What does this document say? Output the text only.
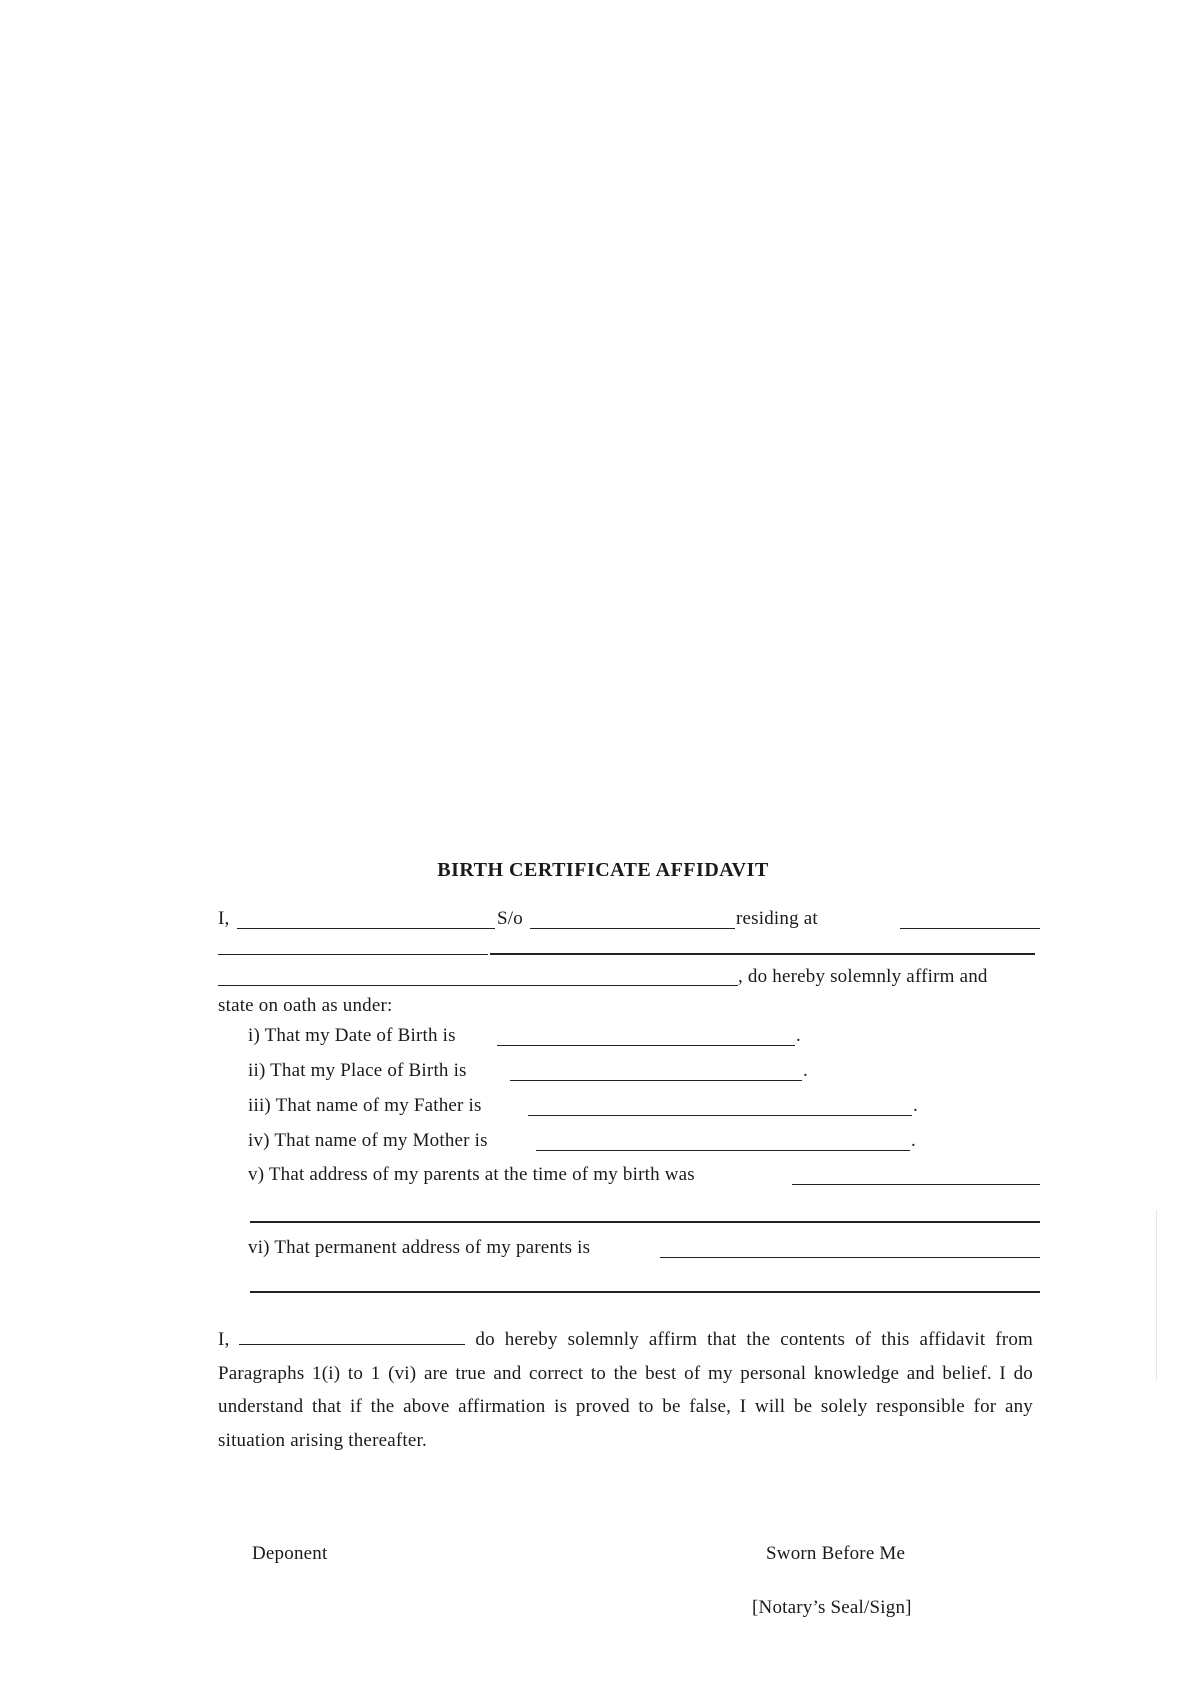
BIRTH CERTIFICATE AFFIDAVIT
I,	S/o	residing at
, do hereby solemnly affirm and
state on oath as under:
i) That my Date of Birth is	.
ii) That my Place of Birth is	.
iii) That name of my Father is	.
iv) That name of my Mother is	.
v) That address of my parents at the time of my birth was
vi) That permanent address of my parents is
I,	do hereby solemnly affirm that the contents of this affidavit from Paragraphs 1(i) to 1 (vi) are true and correct to the best of my personal knowledge and belief. I do understand that if the above affirmation is proved to be false, I will be solely responsible for any situation arising thereafter.
Deponent	Sworn Before Me
[Notary’s Seal/Sign]
